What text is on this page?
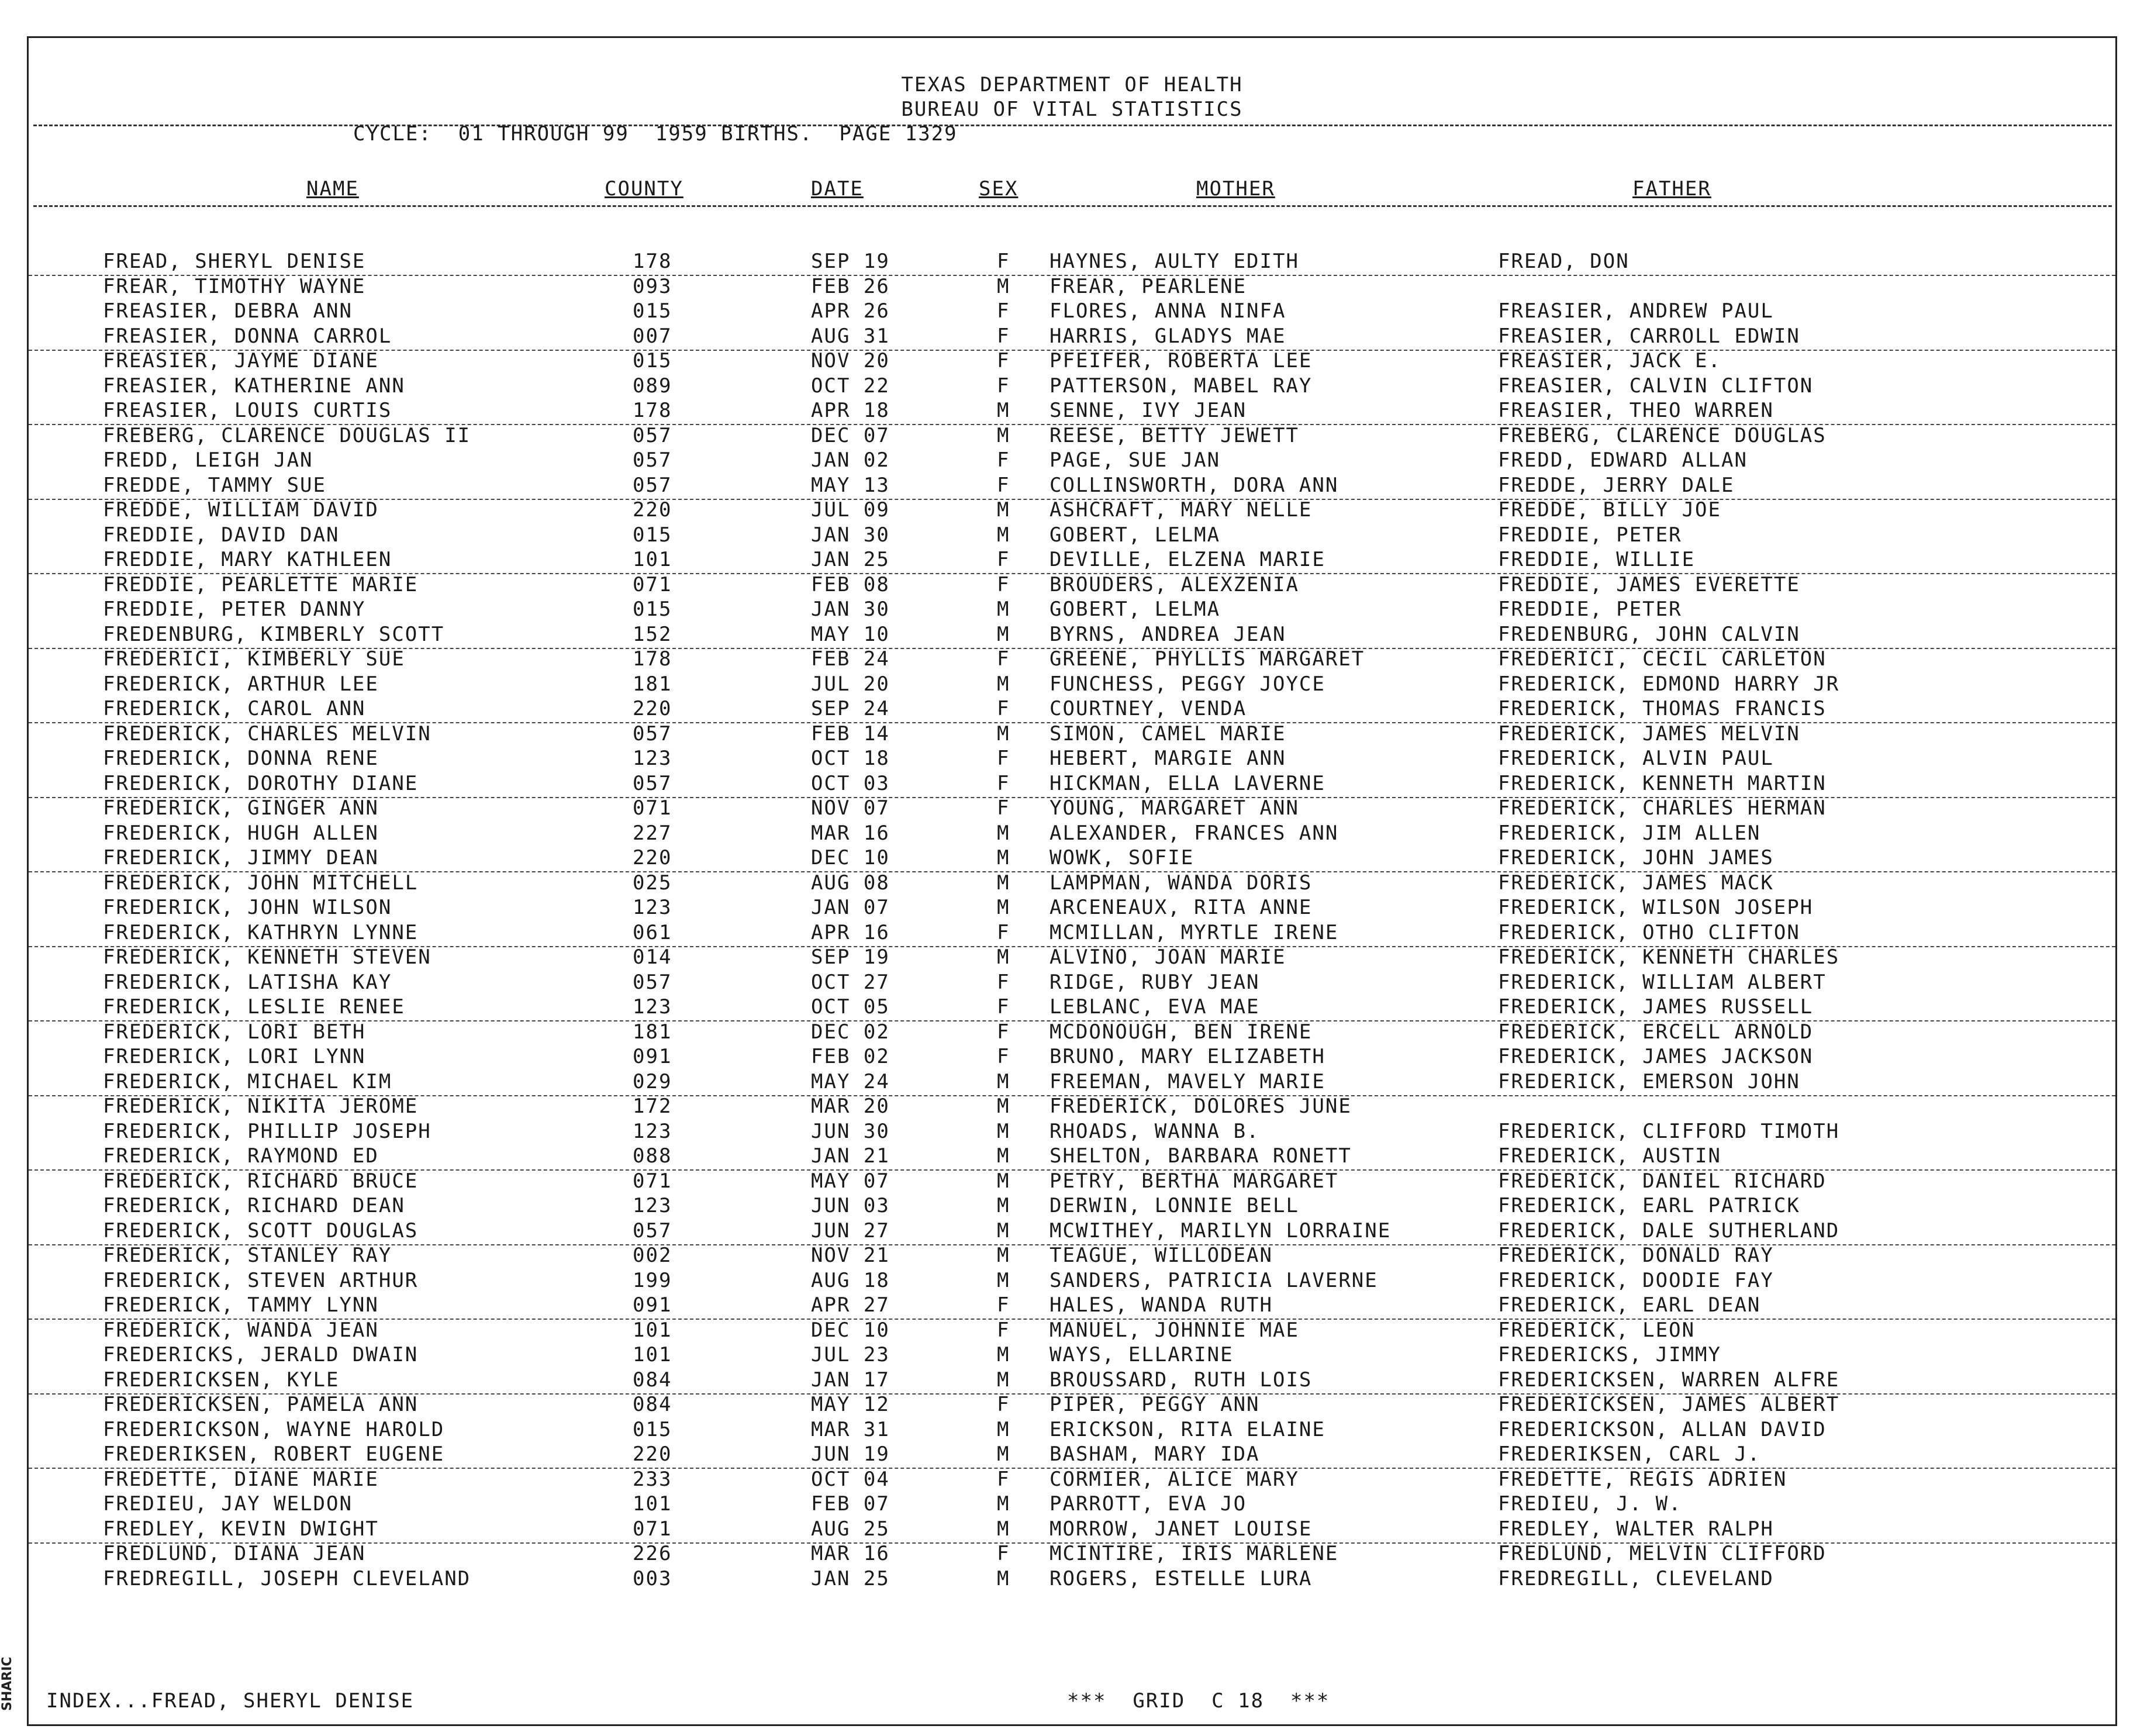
SHARIC
TEXAS DEPARTMENT OF HEALTH
BUREAU OF VITAL STATISTICS
CYCLE:  01 THROUGH 99  1959 BIRTHS.  PAGE 1329
NAME	COUNTY	DATE	SEX	MOTHER	FATHER
FREAD, SHERYL DENISE	178	SEP 19	F HAYNES, AULTY EDITH	FREAD, DON
FREAR, TIMOTHY WAYNE	093	FEB 26	M FREAR, PEARLENE
FREASIER, DEBRA ANN	015	APR 26	F FLORES, ANNA NINFA	FREASIER, ANDREW PAUL
FREASIER, DONNA CARROL	007	AUG 31	F HARRIS, GLADYS MAE	FREASIER, CARROLL EDWIN
FREASIER, JAYME DIANE	015	NOV 20	F PFEIFER, ROBERTA LEE	FREASIER, JACK E.
FREASIER, KATHERINE ANN	089	OCT 22	F PATTERSON, MABEL RAY	FREASIER, CALVIN CLIFTON
FREASIER, LOUIS CURTIS	178	APR 18	M SENNE, IVY JEAN	FREASIER, THEO WARREN
FREBERG, CLARENCE DOUGLAS II	057	DEC 07	M REESE, BETTY JEWETT	FREBERG, CLARENCE DOUGLAS
FREDD, LEIGH JAN	057	JAN 02	F PAGE, SUE JAN	FREDD, EDWARD ALLAN
FREDDE, TAMMY SUE	057	MAY 13	F COLLINSWORTH, DORA ANN	FREDDE, JERRY DALE
FREDDE, WILLIAM DAVID	220	JUL 09	M ASHCRAFT, MARY NELLE	FREDDE, BILLY JOE
FREDDIE, DAVID DAN	015	JAN 30	M GOBERT, LELMA	FREDDIE, PETER
FREDDIE, MARY KATHLEEN	101	JAN 25	F DEVILLE, ELZENA MARIE	FREDDIE, WILLIE
FREDDIE, PEARLETTE MARIE	071	FEB 08	F BROUDERS, ALEXZENIA	FREDDIE, JAMES EVERETTE
FREDDIE, PETER DANNY	015	JAN 30	M GOBERT, LELMA	FREDDIE, PETER
FREDENBURG, KIMBERLY SCOTT	152	MAY 10	M BYRNS, ANDREA JEAN	FREDENBURG, JOHN CALVIN
FREDERICI, KIMBERLY SUE	178	FEB 24	F GREENE, PHYLLIS MARGARET	FREDERICI, CECIL CARLETON
FREDERICK, ARTHUR LEE	181	JUL 20	M FUNCHESS, PEGGY JOYCE	FREDERICK, EDMOND HARRY JR
FREDERICK, CAROL ANN	220	SEP 24	F COURTNEY, VENDA	FREDERICK, THOMAS FRANCIS
FREDERICK, CHARLES MELVIN	057	FEB 14	M SIMON, CAMEL MARIE	FREDERICK, JAMES MELVIN
FREDERICK, DONNA RENE	123	OCT 18	F HEBERT, MARGIE ANN	FREDERICK, ALVIN PAUL
FREDERICK, DOROTHY DIANE	057	OCT 03	F HICKMAN, ELLA LAVERNE	FREDERICK, KENNETH MARTIN
FREDERICK, GINGER ANN	071	NOV 07	F YOUNG, MARGARET ANN	FREDERICK, CHARLES HERMAN
FREDERICK, HUGH ALLEN	227	MAR 16	M ALEXANDER, FRANCES ANN	FREDERICK, JIM ALLEN
FREDERICK, JIMMY DEAN	220	DEC 10	M WOWK, SOFIE	FREDERICK, JOHN JAMES
FREDERICK, JOHN MITCHELL	025	AUG 08	M LAMPMAN, WANDA DORIS	FREDERICK, JAMES MACK
FREDERICK, JOHN WILSON	123	JAN 07	M ARCENEAUX, RITA ANNE	FREDERICK, WILSON JOSEPH
FREDERICK, KATHRYN LYNNE	061	APR 16	F MCMILLAN, MYRTLE IRENE	FREDERICK, OTHO CLIFTON
FREDERICK, KENNETH STEVEN	014	SEP 19	M ALVINO, JOAN MARIE	FREDERICK, KENNETH CHARLES
FREDERICK, LATISHA KAY	057	OCT 27	F RIDGE, RUBY JEAN	FREDERICK, WILLIAM ALBERT
FREDERICK, LESLIE RENEE	123	OCT 05	F LEBLANC, EVA MAE	FREDERICK, JAMES RUSSELL
FREDERICK, LORI BETH	181	DEC 02	F MCDONOUGH, BEN IRENE	FREDERICK, ERCELL ARNOLD
FREDERICK, LORI LYNN	091	FEB 02	F BRUNO, MARY ELIZABETH	FREDERICK, JAMES JACKSON
FREDERICK, MICHAEL KIM	029	MAY 24	M FREEMAN, MAVELY MARIE	FREDERICK, EMERSON JOHN
FREDERICK, NIKITA JEROME	172	MAR 20	M FREDERICK, DOLORES JUNE
FREDERICK, PHILLIP JOSEPH	123	JUN 30	M RHOADS, WANNA B.	FREDERICK, CLIFFORD TIMOTH
FREDERICK, RAYMOND ED	088	JAN 21	M SHELTON, BARBARA RONETT	FREDERICK, AUSTIN
FREDERICK, RICHARD BRUCE	071	MAY 07	M PETRY, BERTHA MARGARET	FREDERICK, DANIEL RICHARD
FREDERICK, RICHARD DEAN	123	JUN 03	M DERWIN, LONNIE BELL	FREDERICK, EARL PATRICK
FREDERICK, SCOTT DOUGLAS	057	JUN 27	M MCWITHEY, MARILYN LORRAINE	FREDERICK, DALE SUTHERLAND
FREDERICK, STANLEY RAY	002	NOV 21	M TEAGUE, WILLODEAN	FREDERICK, DONALD RAY
FREDERICK, STEVEN ARTHUR	199	AUG 18	M SANDERS, PATRICIA LAVERNE	FREDERICK, DOODIE FAY
FREDERICK, TAMMY LYNN	091	APR 27	F HALES, WANDA RUTH	FREDERICK, EARL DEAN
FREDERICK, WANDA JEAN	101	DEC 10	F MANUEL, JOHNNIE MAE	FREDERICK, LEON
FREDERICKS, JERALD DWAIN	101	JUL 23	M WAYS, ELLARINE	FREDERICKS, JIMMY
FREDERICKSEN, KYLE	084	JAN 17	M BROUSSARD, RUTH LOIS	FREDERICKSEN, WARREN ALFRE
FREDERICKSEN, PAMELA ANN	084	MAY 12	F PIPER, PEGGY ANN	FREDERICKSEN, JAMES ALBERT
FREDERICKSON, WAYNE HAROLD	015	MAR 31	M ERICKSON, RITA ELAINE	FREDERICKSON, ALLAN DAVID
FREDERIKSEN, ROBERT EUGENE	220	JUN 19	M BASHAM, MARY IDA	FREDERIKSEN, CARL J.
FREDETTE, DIANE MARIE	233	OCT 04	F CORMIER, ALICE MARY	FREDETTE, REGIS ADRIEN
FREDIEU, JAY WELDON	101	FEB 07	M PARROTT, EVA JO	FREDIEU, J. W.
FREDLEY, KEVIN DWIGHT	071	AUG 25	M MORROW, JANET LOUISE	FREDLEY, WALTER RALPH
FREDLUND, DIANA JEAN	226	MAR 16	F MCINTIRE, IRIS MARLENE	FREDLUND, MELVIN CLIFFORD
FREDREGILL, JOSEPH CLEVELAND	003	JAN 25	M ROGERS, ESTELLE LURA	FREDREGILL, CLEVELAND
INDEX...FREAD, SHERYL DENISE	***  GRID  C 18  ***
